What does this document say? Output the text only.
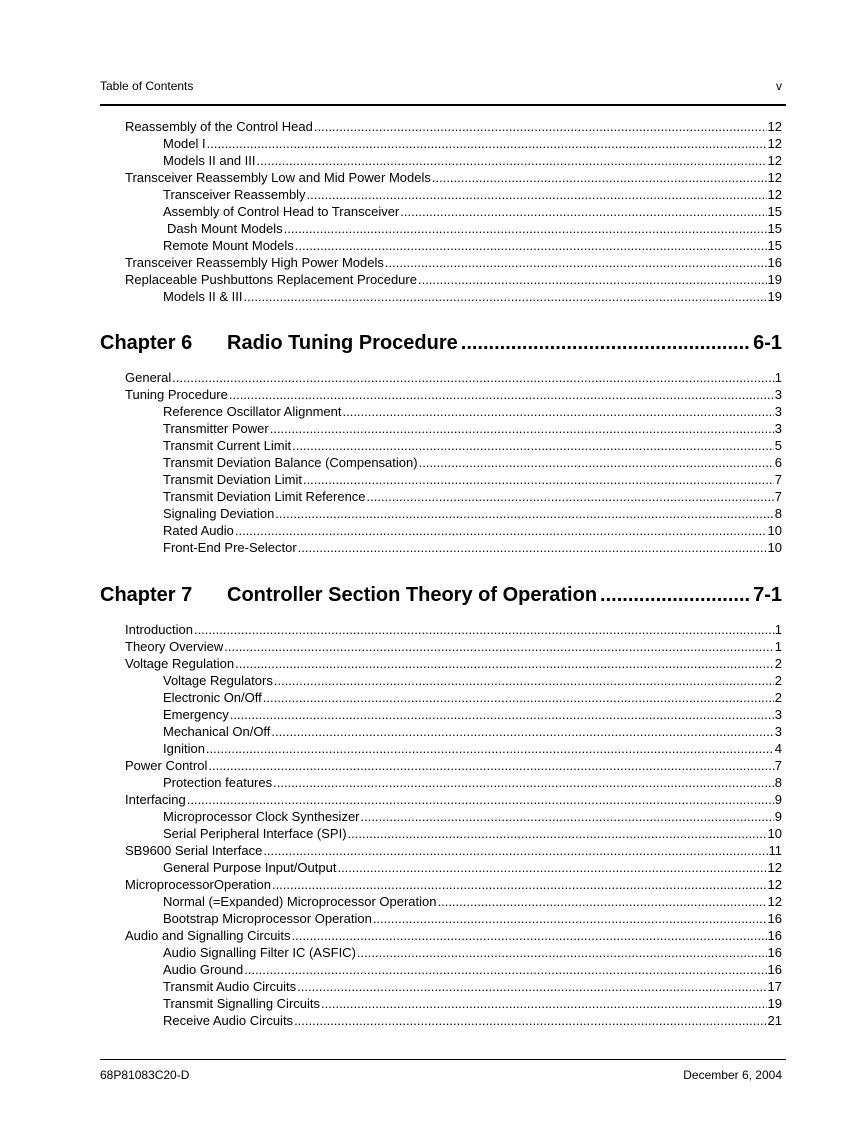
Table of Contents	v
Reassembly of the Control Head .....	12
Model I .....	12
Models II and III .....	12
Transceiver Reassembly Low and Mid Power Models .....	12
Transceiver Reassembly .....	12
Assembly of Control Head to Transceiver .....	15
Dash Mount Models .....	15
Remote Mount Models .....	15
Transceiver Reassembly High Power Models .....	16
Replaceable Pushbuttons Replacement Procedure .....	19
Models II & III .....	19
Chapter 6	Radio Tuning Procedure .....	6-1
General .....	1
Tuning Procedure .....	3
Reference Oscillator Alignment .....	3
Transmitter Power .....	3
Transmit Current Limit .....	5
Transmit Deviation Balance (Compensation) .....	6
Transmit Deviation Limit .....	7
Transmit Deviation Limit Reference .....	7
Signaling Deviation .....	8
Rated Audio .....	10
Front-End Pre-Selector .....	10
Chapter 7	Controller Section Theory of Operation .....	7-1
Introduction .....	1
Theory Overview .....	1
Voltage Regulation .....	2
Voltage Regulators .....	2
Electronic On/Off .....	2
Emergency .....	3
Mechanical On/Off .....	3
Ignition .....	4
Power Control .....	7
Protection features .....	8
Interfacing .....	9
Microprocessor Clock Synthesizer .....	9
Serial Peripheral Interface (SPI) .....	10
SB9600 Serial Interface .....	11
General Purpose Input/Output .....	12
MicroprocessorOperation .....	12
Normal (=Expanded) Microprocessor Operation .....	12
Bootstrap Microprocessor Operation .....	16
Audio and Signalling Circuits .....	16
Audio Signalling Filter IC (ASFIC) .....	16
Audio Ground .....	16
Transmit Audio Circuits .....	17
Transmit Signalling Circuits .....	19
Receive Audio Circuits .....	21
68P81083C20-D	December 6, 2004
